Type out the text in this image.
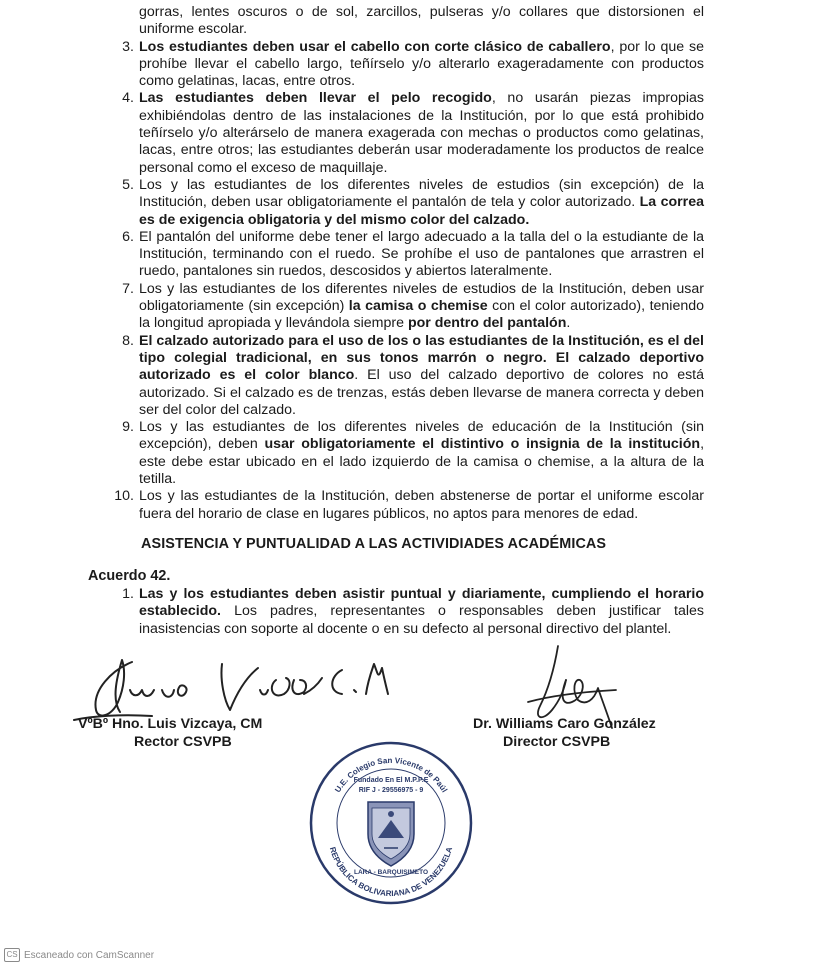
gorras, lentes oscuros o de sol, zarcillos, pulseras y/o collares que distorsionen el uniforme escolar.

3. Los estudiantes deben usar el cabello con corte clásico de caballero, por lo que se prohíbe llevar el cabello largo, teñírselo y/o alterarlo exageradamente con productos como gelatinas, lacas, entre otros.

4. Las estudiantes deben llevar el pelo recogido, no usarán piezas impropias exhibiéndolas dentro de las instalaciones de la Institución, por lo que está prohibido teñírselo y/o alterárselo de manera exagerada con mechas o productos como gelatinas, lacas, entre otros; las estudiantes deberán usar moderadamente los productos de realce personal como el exceso de maquillaje.

5. Los y las estudiantes de los diferentes niveles de estudios (sin excepción) de la Institución, deben usar obligatoriamente el pantalón de tela y color autorizado. La correa es de exigencia obligatoria y del mismo color del calzado.

6. El pantalón del uniforme debe tener el largo adecuado a la talla del o la estudiante de la Institución, terminando con el ruedo. Se prohíbe el uso de pantalones que arrastren el ruedo, pantalones sin ruedos, descosidos y abiertos lateralmente.

7. Los y las estudiantes de los diferentes niveles de estudios de la Institución, deben usar obligatoriamente (sin excepción) la camisa o chemise con el color autorizado), teniendo la longitud apropiada y llevándola siempre por dentro del pantalón.

8. El calzado autorizado para el uso de los o las estudiantes de la Institución, es el del tipo colegial tradicional, en sus tonos marrón o negro. El calzado deportivo autorizado es el color blanco. El uso del calzado deportivo de colores no está autorizado. Si el calzado es de trenzas, estás deben llevarse de manera correcta y deben ser del color del calzado.

9. Los y las estudiantes de los diferentes niveles de educación de la Institución (sin excepción), deben usar obligatoriamente el distintivo o insignia de la institución, este debe estar ubicado en el lado izquierdo de la camisa o chemise, a la altura de la tetilla.

10. Los y las estudiantes de la Institución, deben abstenerse de portar el uniforme escolar fuera del horario de clase en lugares públicos, no aptos para menores de edad.

ASISTENCIA Y PUNTUALIDAD A LAS ACTIVIDIADES ACADÉMICAS
Acuerdo 42.

1. Las y los estudiantes deben asistir puntual y diariamente, cumpliendo el horario establecido. Los padres, representantes o responsables deben justificar tales inasistencias con soporte al docente o en su defecto al personal directivo del plantel.

VºBº Hno. Luis Vizcaya, CM
Rector CSVPB
Dr. Williams Caro González
Director CSVPB
U.E. Colegio San Vicente de Paúl
REPÚBLICA BOLIVARIANA DE VENEZUELA
Fundado En El M.P.P.E
RIF J - 29556975 - 9
LARA - BARQUISIMETO
CS Escaneado con CamScanner
